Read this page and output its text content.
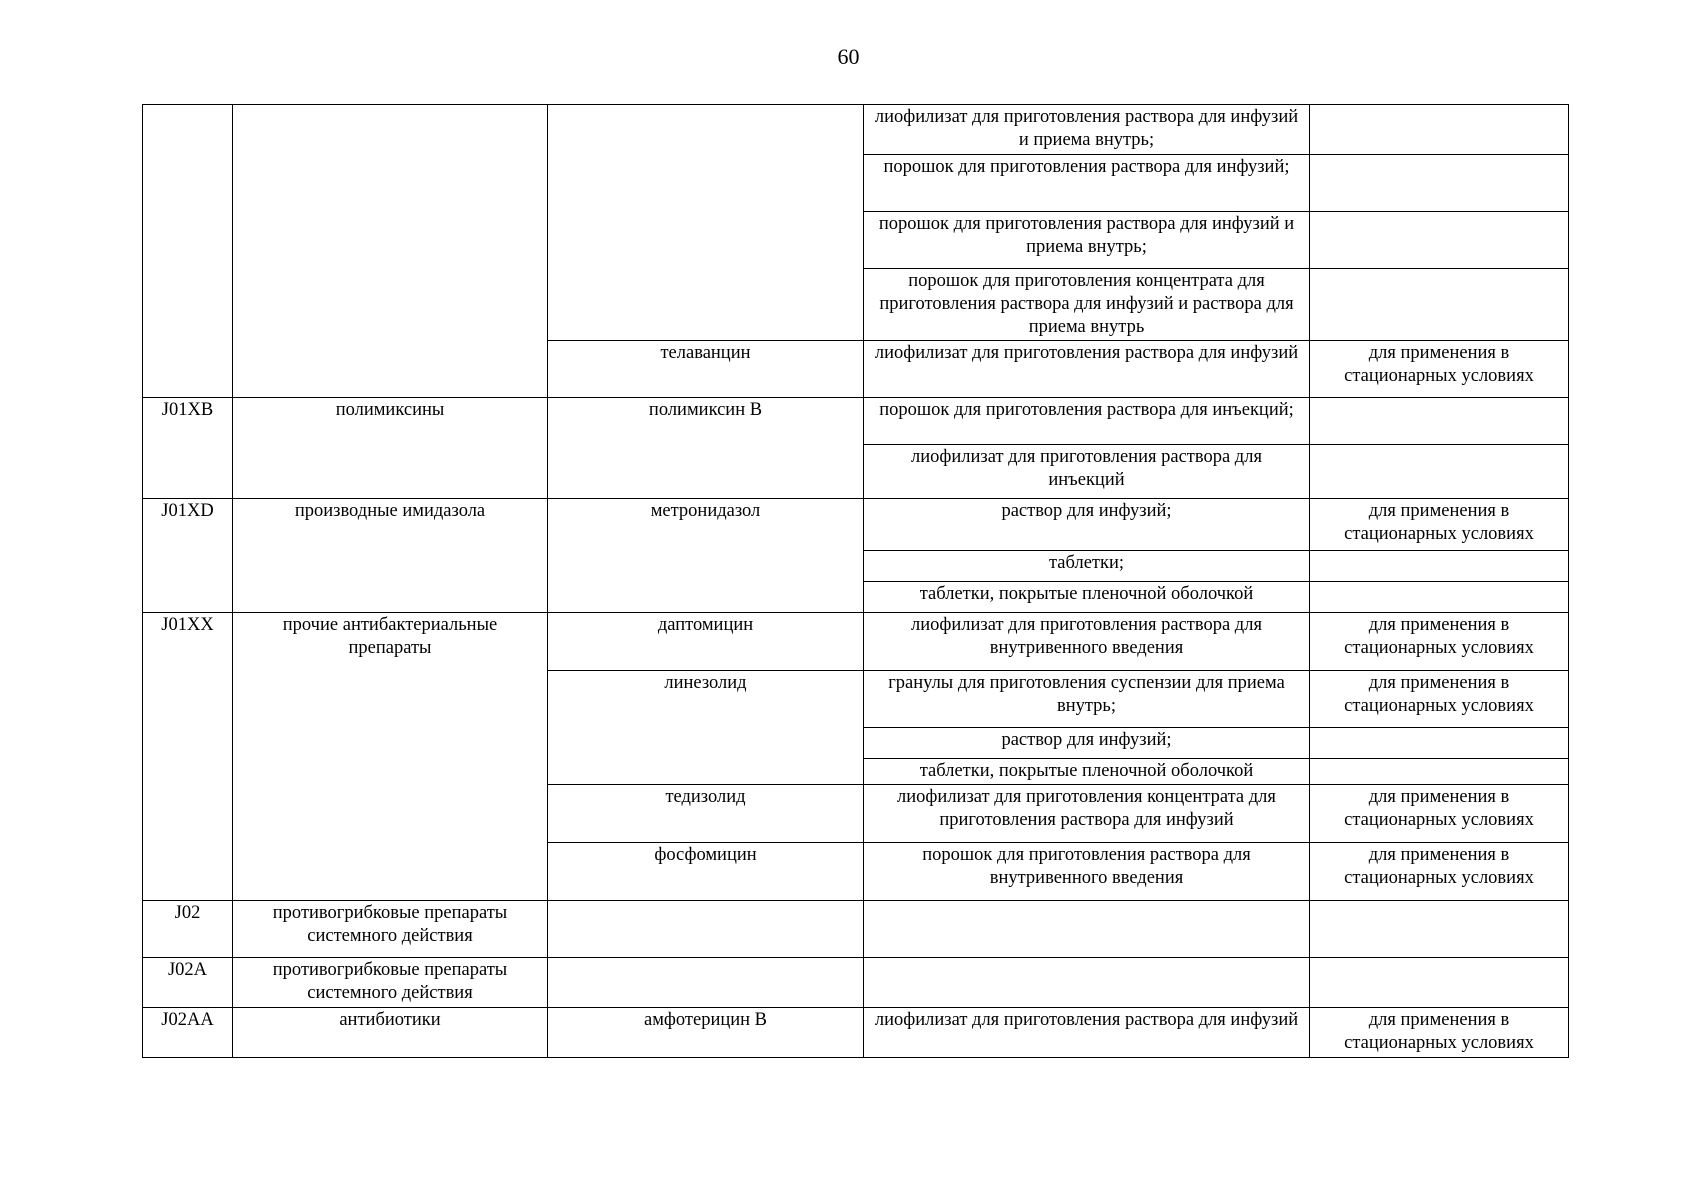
60
			лиофилизат для приготовления раствора для инфузий и приема внутрь;	
			порошок для приготовления раствора для инфузий;	
			порошок для приготовления раствора для инфузий и приема внутрь;	
			порошок для приготовления концентрата для приготовления раствора для инфузий и раствора для приема внутрь	
		телаванцин	лиофилизат для приготовления раствора для инфузий	для применения в стационарных условиях
J01XB	полимиксины	полимиксин B	порошок для приготовления раствора для инъекций;	
			лиофилизат для приготовления раствора для инъекций	
J01XD	производные имидазола	метронидазол	раствор для инфузий;	для применения в стационарных условиях
			таблетки;	
			таблетки, покрытые пленочной оболочкой	
J01XX	прочие антибактериальные препараты	даптомицин	лиофилизат для приготовления раствора для внутривенного введения	для применения в стационарных условиях
		линезолид	гранулы для приготовления суспензии для приема внутрь;	для применения в стационарных условиях
			раствор для инфузий;	
			таблетки, покрытые пленочной оболочкой	
		тедизолид	лиофилизат для приготовления концентрата для приготовления раствора для инфузий	для применения в стационарных условиях
		фосфомицин	порошок для приготовления раствора для внутривенного введения	для применения в стационарных условиях
J02	противогрибковые препараты системного действия			
J02A	противогрибковые препараты системного действия			
J02AA	антибиотики	амфотерицин B	лиофилизат для приготовления раствора для инфузий	для применения в стационарных условиях
